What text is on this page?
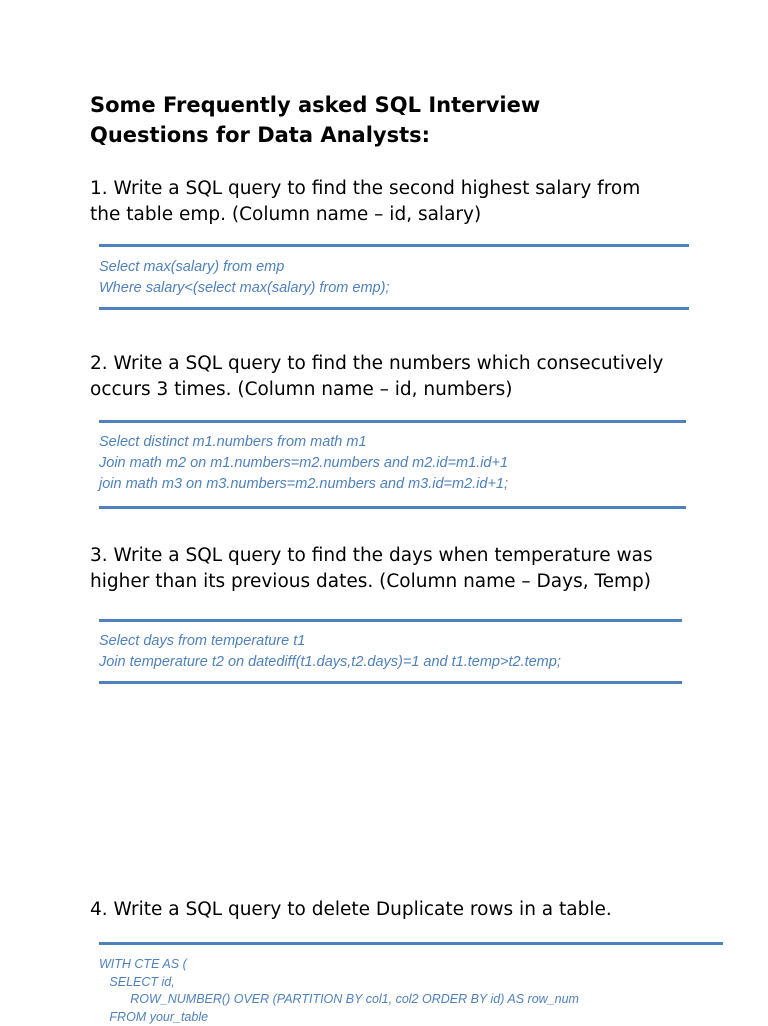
Some Frequently asked SQL Interview
Questions for Data Analysts:

1. Write a SQL query to find the second highest salary from
the table emp. (Column name – id, salary)

Select max(salary) from emp
Where salary<(select max(salary) from emp);

2. Write a SQL query to find the numbers which consecutively
occurs 3 times. (Column name – id, numbers)

Select distinct m1.numbers from math m1
Join math m2 on m1.numbers=m2.numbers and m2.id=m1.id+1
join math m3 on m3.numbers=m2.numbers and m3.id=m2.id+1;

3. Write a SQL query to find the days when temperature was
higher than its previous dates. (Column name – Days, Temp)

Select days from temperature t1
Join temperature t2 on datediff(t1.days,t2.days)=1 and t1.temp>t2.temp;

4. Write a SQL query to delete Duplicate rows in a table.

WITH CTE AS (
SELECT id,
ROW_NUMBER() OVER (PARTITION BY col1, col2 ORDER BY id) AS row_num
FROM your_table
